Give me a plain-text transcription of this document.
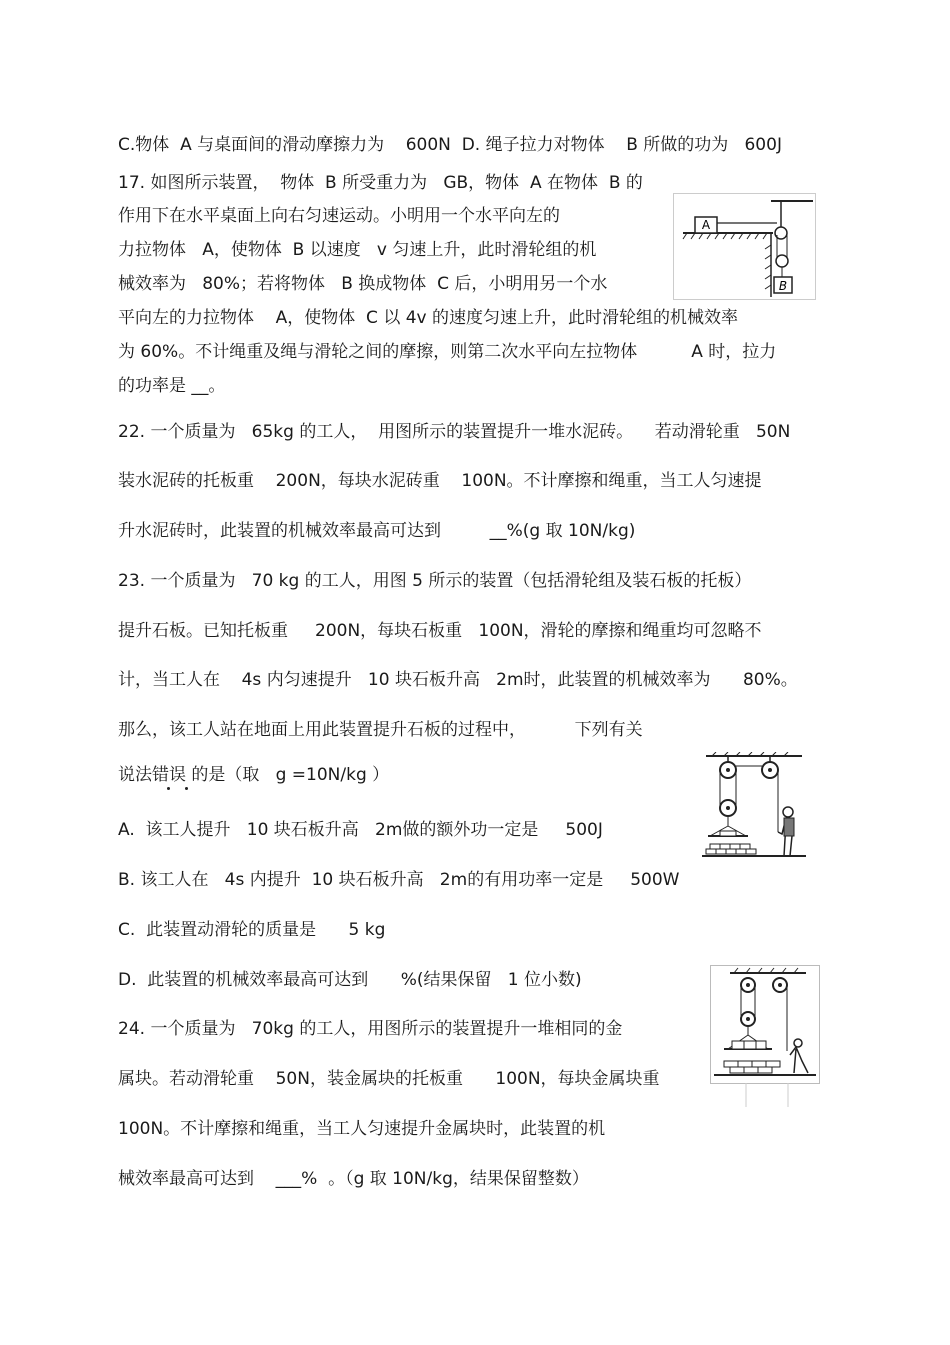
C.物体  A 与桌面间的滑动摩擦力为    600N  D. 绳子拉力对物体    B 所做的功为   600J
17. 如图所示装置，  物体  B 所受重力为   GB，物体  A 在物体  B 的
作用下在水平桌面上向右匀速运动。小明用一个水平向左的
力拉物体   A，使物体  B 以速度   v 匀速上升，此时滑轮组的机
械效率为   80%；若将物体   B 换成物体  C 后，小明用另一个水
平向左的力拉物体    A，使物体  C 以 4v 的速度匀速上升，此时滑轮组的机械效率
为 60%。不计绳重及绳与滑轮之间的摩擦，则第二次水平向左拉物体          A 时，拉力
的功率是 __。
22. 一个质量为   65kg 的工人，  用图所示的装置提升一堆水泥砖。    若动滑轮重   50N
装水泥砖的托板重    200N，每块水泥砖重    100N。不计摩擦和绳重，当工人匀速提
升水泥砖时，此装置的机械效率最高可达到         __%(g 取 10N/kg)
23. 一个质量为   70 kg 的工人，用图 5 所示的装置（包括滑轮组及装石板的托板）
提升石板。已知托板重     200N，每块石板重   100N，滑轮的摩擦和绳重均可忽略不
计，当工人在    4s 内匀速提升   10 块石板升高   2m时，此装置的机械效率为      80%。
那么，该工人站在地面上用此装置提升石板的过程中，         下列有关
说法错误 的是（取   g =10N/kg ）
A.  该工人提升   10 块石板升高   2m做的额外功一定是     500J
B. 该工人在   4s 内提升  10 块石板升高   2m的有用功率一定是     500W
C.  此装置动滑轮的质量是      5 kg
D.  此装置的机械效率最高可达到      %(结果保留   1 位小数)
24. 一个质量为   70kg 的工人，用图所示的装置提升一堆相同的金
属块。若动滑轮重    50N，装金属块的托板重      100N，每块金属块重
100N。不计摩擦和绳重，当工人匀速提升金属块时，此装置的机
械效率最高可达到    ___%  。（g 取 10N/kg，结果保留整数）
A
B
